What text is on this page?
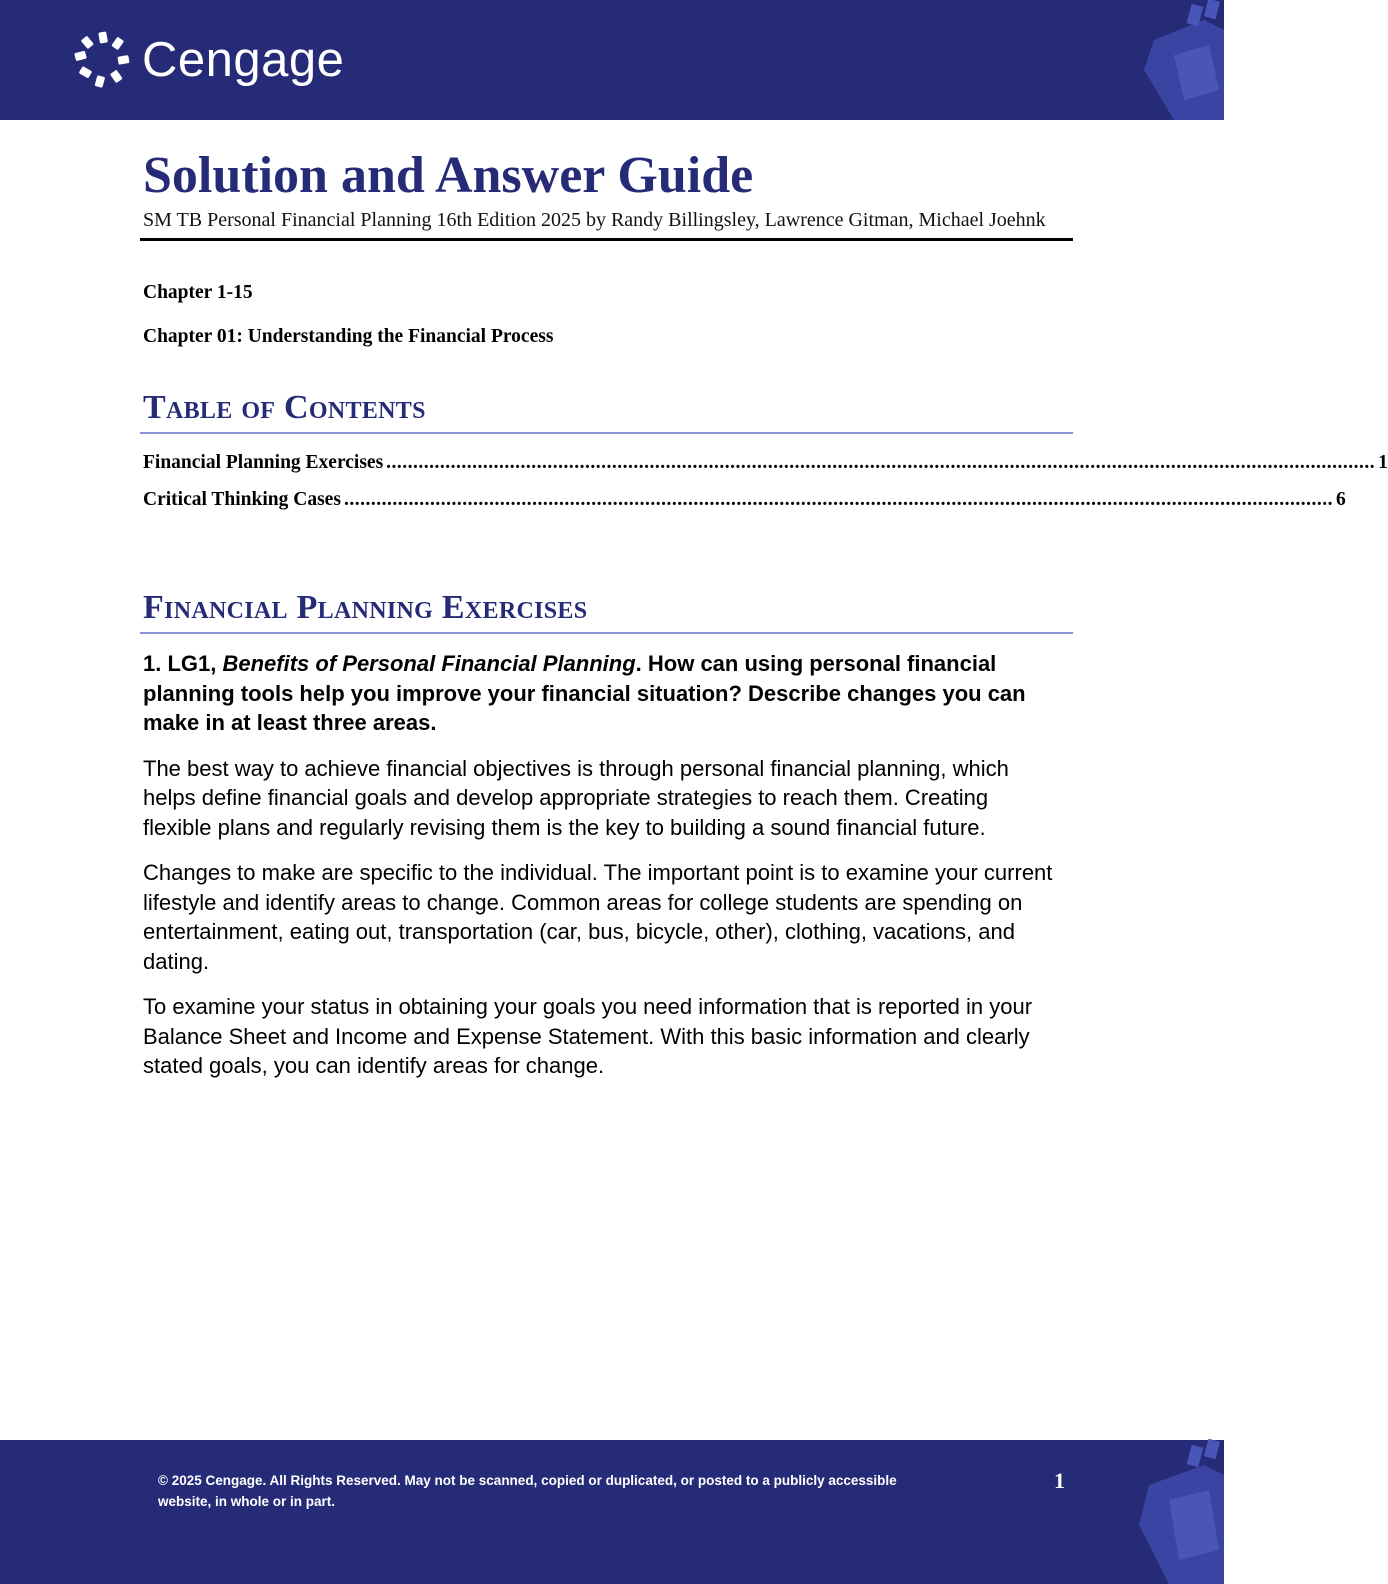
Cengage
Solution and Answer Guide

SM TB Personal Financial Planning 16th Edition 2025 by Randy Billingsley, Lawrence Gitman, Michael Joehnk

Chapter 1-15

Chapter 01: Understanding the Financial Process

Table of Contents
Financial Planning Exercises ........................................................................................................................................................................................ 1
Critical Thinking Cases ........................................................................................................................................................................................ 6
Financial Planning Exercises

1. LG1, Benefits of Personal Financial Planning. How can using personal financial planning tools help you improve your financial situation? Describe changes you can make in at least three areas.

The best way to achieve financial objectives is through personal financial planning, which helps define financial goals and develop appropriate strategies to reach them. Creating flexible plans and regularly revising them is the key to building a sound financial future.

Changes to make are specific to the individual. The important point is to examine your current lifestyle and identify areas to change. Common areas for college students are spending on entertainment, eating out, transportation (car, bus, bicycle, other), clothing, vacations, and dating.

To examine your status in obtaining your goals you need information that is reported in your Balance Sheet and Income and Expense Statement. With this basic information and clearly stated goals, you can identify areas for change.

© 2025 Cengage. All Rights Reserved. May not be scanned, copied or duplicated, or posted to a publicly accessible website, in whole or in part.
1
